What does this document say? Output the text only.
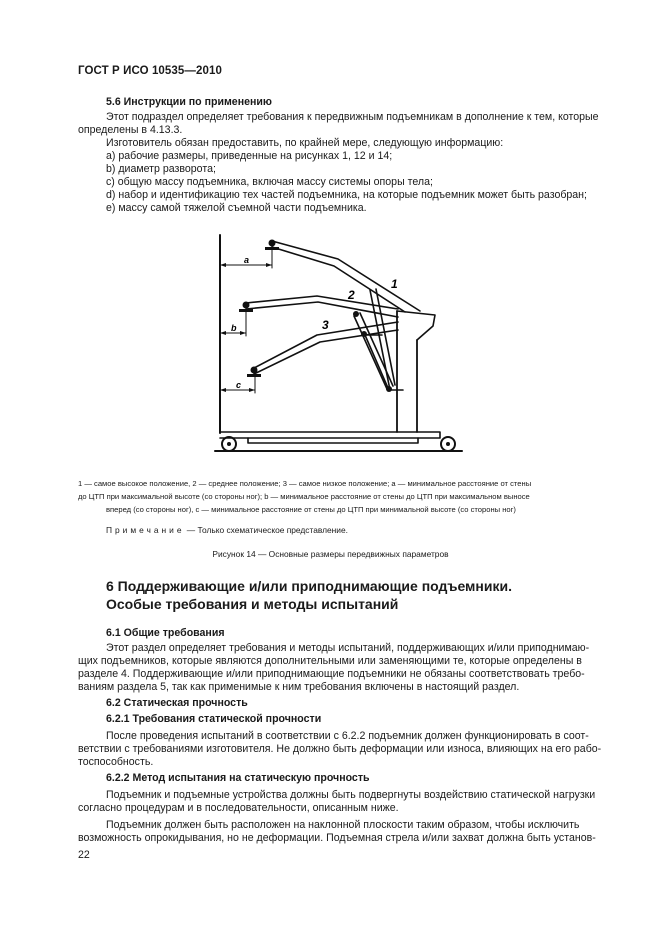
ГОСТ Р ИСО 10535—2010
5.6 Инструкции по применению
Этот подраздел определяет требования к передвижным подъемникам в дополнение к тем, которые
определены в 4.13.3.
Изготовитель обязан предоставить, по крайней мере, следующую информацию:
a) рабочие размеры, приведенные на рисунках 1, 12 и 14;
b) диаметр разворота;
c) общую массу подъемника, включая массу системы опоры тела;
d) набор и идентификацию тех частей подъемника, на которые подъемник может быть разобран;
e) массу самой тяжелой съемной части подъемника.
1
2
3
a
b
c
1 — самое высокое положение, 2 — среднее положение; 3 — самое низкое положение; a — минимальное расстояние от стены
до ЦТП при максимальной высоте (со стороны ног); b — минимальное расстояние от стены до ЦТП при максимальном выносе
вперед (со стороны ног), c — минимальное расстояние от стены до ЦТП при минимальной высоте (со стороны ног)
Примечание — Только схематическое представление.
Рисунок 14 — Основные размеры передвижных параметров
6 Поддерживающие и/или приподнимающие подъемники.
Особые требования и методы испытаний
6.1 Общие требования
Этот раздел определяет требования и методы испытаний, поддерживающих и/или приподнимаю-
щих подъемников, которые являются дополнительными или заменяющими те, которые определены в
разделе 4. Поддерживающие и/или приподнимающие подъемники не обязаны соответствовать требо-
ваниям раздела 5, так как применимые к ним требования включены в настоящий раздел.
6.2 Статическая прочность
6.2.1 Требования статической прочности
После проведения испытаний в соответствии с 6.2.2 подъемник должен функционировать в соот-
ветствии с требованиями изготовителя. Не должно быть деформации или износа, влияющих на его рабо-
тоспособность.
6.2.2 Метод испытания на статическую прочность
Подъемник и подъемные устройства должны быть подвергнуты воздействию статической нагрузки
согласно процедурам и в последовательности, описанным ниже.
Подъемник должен быть расположен на наклонной плоскости таким образом, чтобы исключить
возможность опрокидывания, но не деформации. Подъемная стрела и/или захват должна быть установ-
22
